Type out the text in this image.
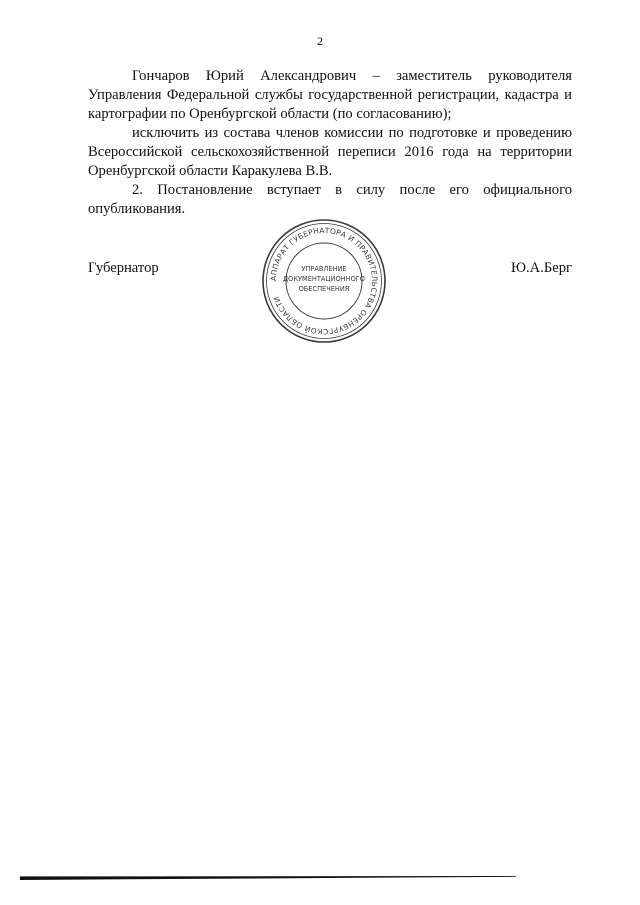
2

Гончаров Юрий Александрович – заместитель руководителя Управления Федеральной службы государственной регистрации, кадастра и картографии по Оренбургской области (по согласованию);

исключить из состава членов комиссии по подготовке и проведению Всероссийской сельскохозяйственной переписи 2016 года на территории Оренбургской области Каракулева В.В.

2. Постановление вступает в силу после его официального опубликования.

Губернатор
АППАРАТ ГУБЕРНАТОРА И ПРАВИТЕЛЬСТВА ОРЕНБУРГСКОЙ ОБЛАСТИ
УПРАВЛЕНИЕ
ДОКУМЕНТАЦИОННОГО
ОБЕСПЕЧЕНИЯ
Ю.А.Берг
